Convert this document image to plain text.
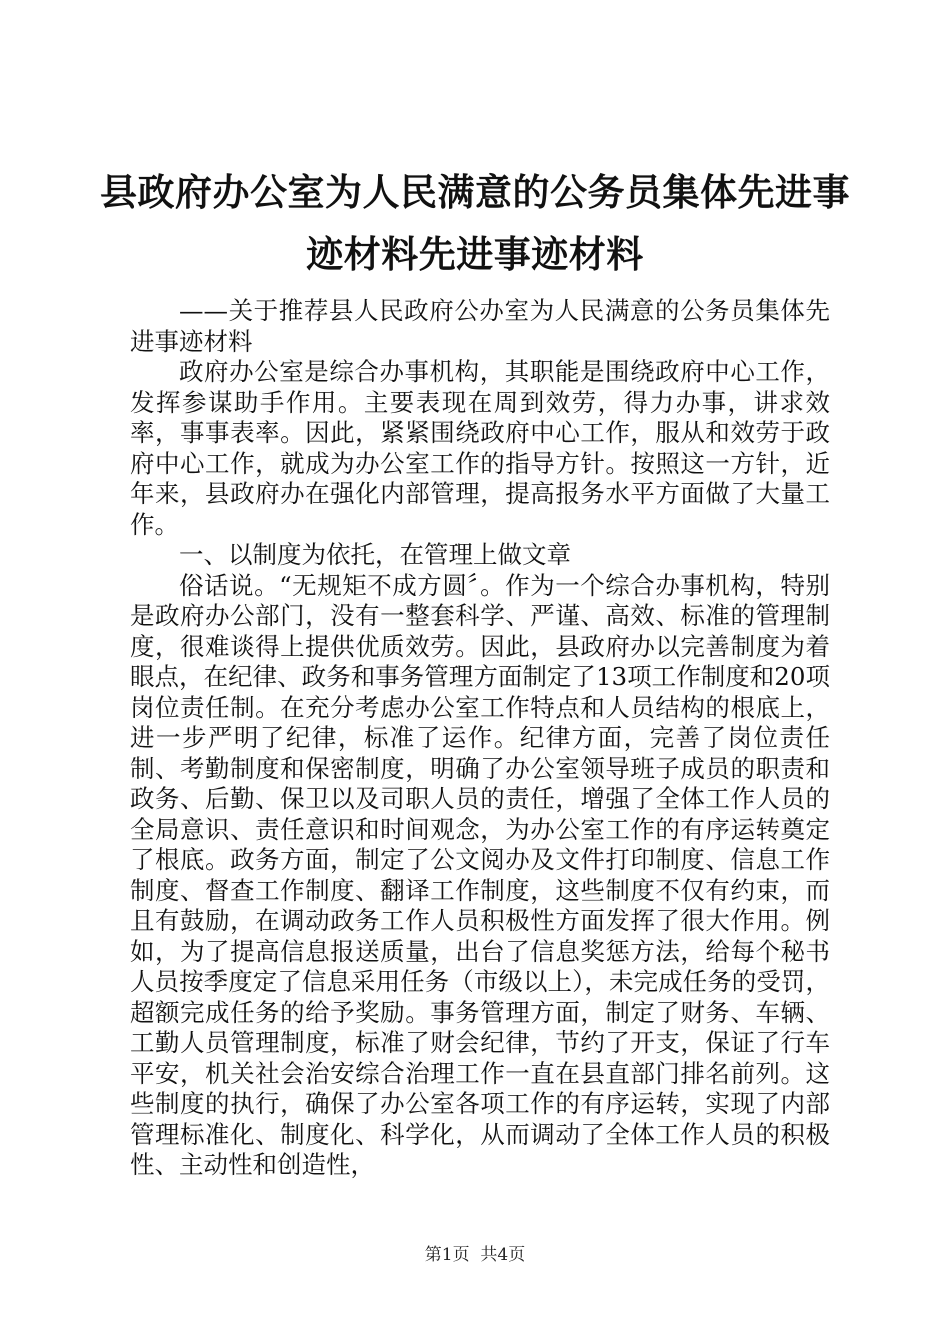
县政府办公室为人民满意的公务员集体先进事迹材料先进事迹材料

——关于推荐县人民政府公办室为人民满意的公务员集体先进事迹材料

政府办公室是综合办事机构，其职能是围绕政府中心工作，发挥参谋助手作用。主要表现在周到效劳，得力办事，讲求效率，事事表率。因此，紧紧围绕政府中心工作，服从和效劳于政府中心工作，就成为办公室工作的指导方针。按照这一方针，近年来，县政府办在强化内部管理，提高报务水平方面做了大量工作。

一、以制度为依托，在管理上做文章

俗话说。“无规矩不成方圆〞。作为一个综合办事机构，特别是政府办公部门，没有一整套科学、严谨、高效、标准的管理制度，很难谈得上提供优质效劳。因此，县政府办以完善制度为着眼点，在纪律、政务和事务管理方面制定了13项工作制度和20项岗位责任制。在充分考虑办公室工作特点和人员结构的根底上，进一步严明了纪律，标准了运作。纪律方面，完善了岗位责任制、考勤制度和保密制度，明确了办公室领导班子成员的职责和政务、后勤、保卫以及司职人员的责任，增强了全体工作人员的全局意识、责任意识和时间观念，为办公室工作的有序运转奠定了根底。政务方面，制定了公文阅办及文件打印制度、信息工作制度、督查工作制度、翻译工作制度，这些制度不仅有约束，而且有鼓励，在调动政务工作人员积极性方面发挥了很大作用。例如，为了提高信息报送质量，出台了信息奖惩方法，给每个秘书人员按季度定了信息采用任务（市级以上），未完成任务的受罚，超额完成任务的给予奖励。事务管理方面，制定了财务、车辆、工勤人员管理制度，标准了财会纪律，节约了开支，保证了行车平安，机关社会治安综合治理工作一直在县直部门排名前列。这些制度的执行，确保了办公室各项工作的有序运转，实现了内部管理标准化、制度化、科学化，从而调动了全体工作人员的积极性、主动性和创造性，

第1页  共4页
